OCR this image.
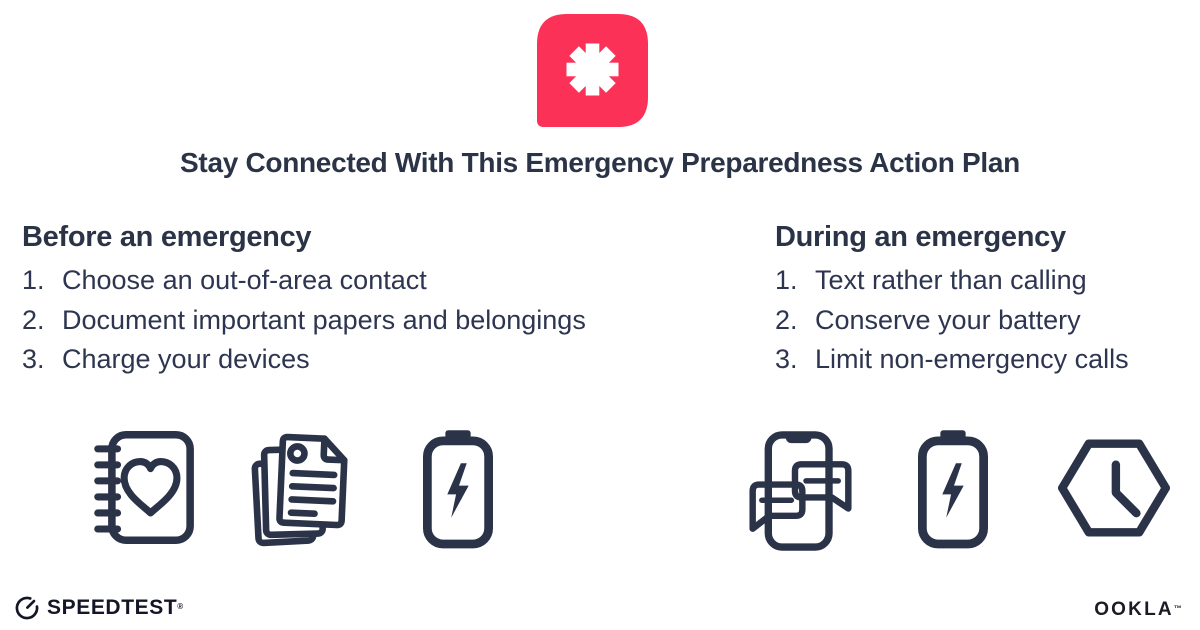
Stay Connected With This Emergency Preparedness Action Plan
Before an emergency
1. Choose an out-of-area contact
2. Document important papers and belongings
3. Charge your devices
During an emergency
1. Text rather than calling
2. Conserve your battery
3. Limit non-emergency calls
SPEEDTEST®	OOKLA™
